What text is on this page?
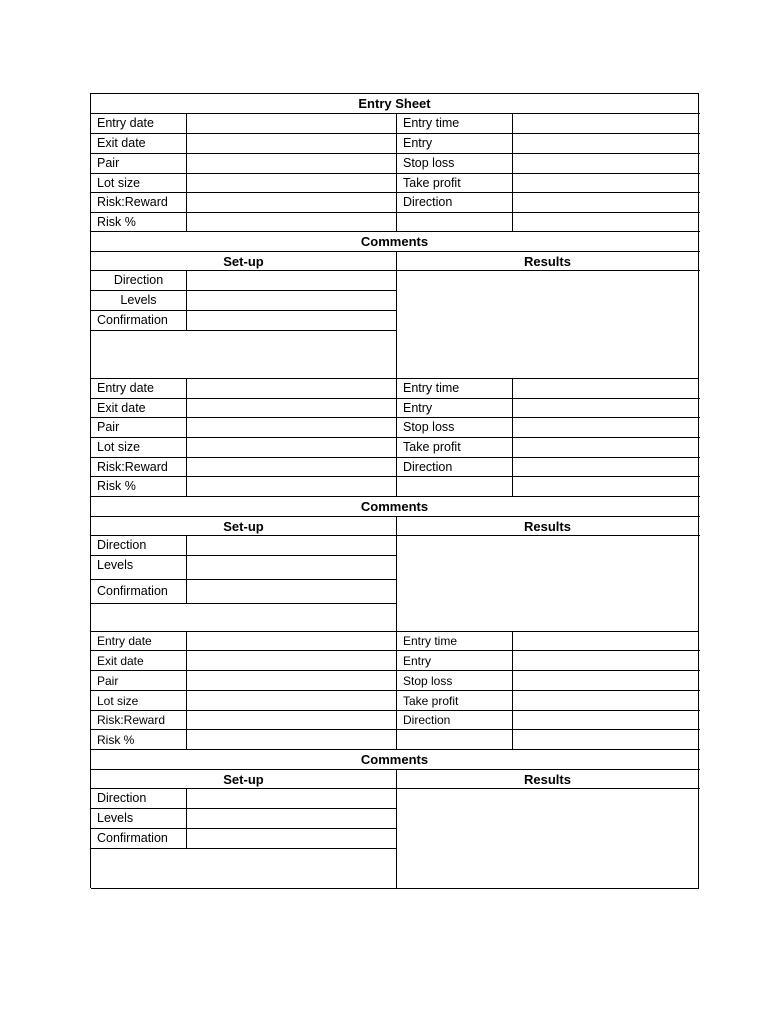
Entry Sheet
Entry date	Entry time
Exit date	Entry
Pair	Stop loss
Lot size	Take profit
Risk:Reward	Direction
Risk %
Comments
Set-up	Results
Direction
Levels
Confirmation
Entry date	Entry time
Exit date	Entry
Pair	Stop loss
Lot size	Take profit
Risk:Reward	Direction
Risk %
Comments
Set-up	Results
Direction
Levels
Confirmation
Entry date	Entry time
Exit date	Entry
Pair	Stop loss
Lot size	Take profit
Risk:Reward	Direction
Risk %
Comments
Set-up	Results
Direction
Levels
Confirmation
